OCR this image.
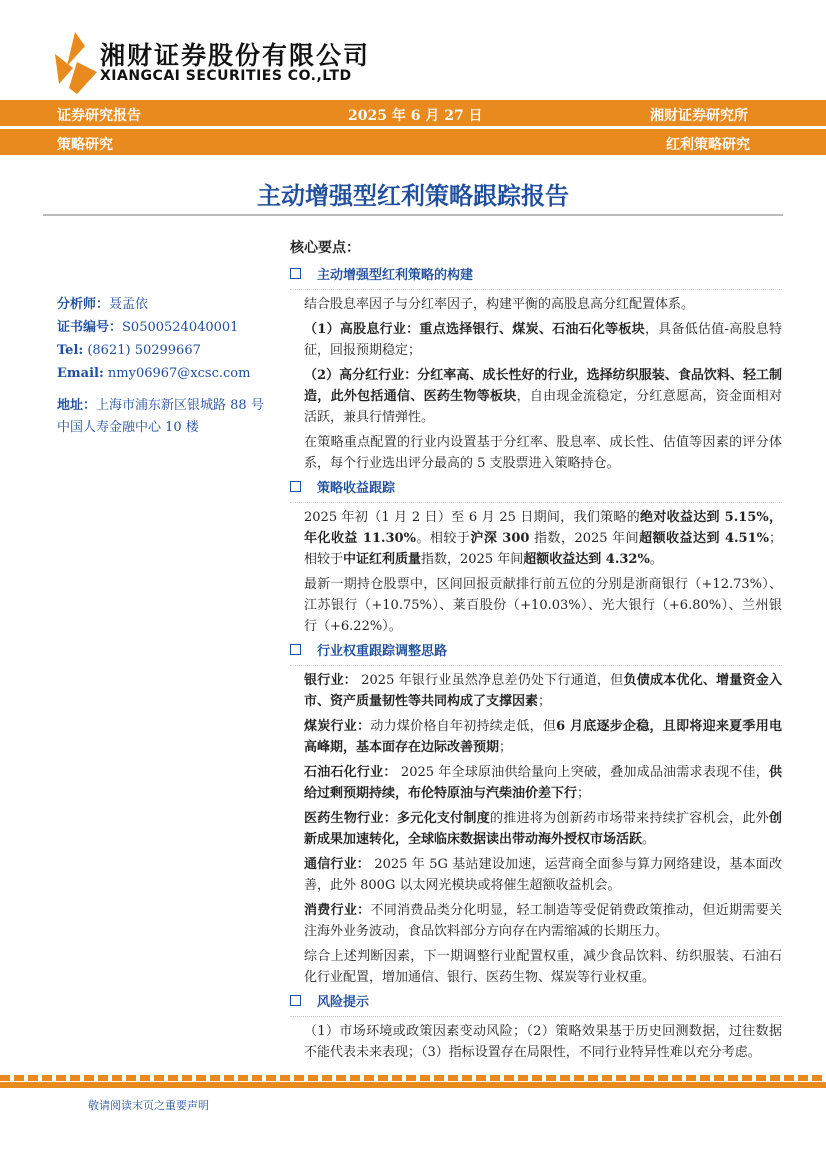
湘财证券股份有限公司
XIANGCAI SECURITIES CO.,LTD
证券研究报告	2025 年 6 月 27 日	湘财证券研究所
策略研究	红利策略研究
主动增强型红利策略跟踪报告
核心要点：
分析师：聂孟依
证书编号：S0500524040001
Tel: (8621) 50299667
Email: nmy06967@xcsc.com
地址：上海市浦东新区银城路 88 号
中国人寿金融中心 10 楼
主动增强型红利策略的构建

结合股息率因子与分红率因子，构建平衡的高股息高分红配置体系。

（1）高股息行业：重点选择银行、煤炭、石油石化等板块，具备低估值-高股息特征，回报预期稳定；

（2）高分红行业：分红率高、成长性好的行业，选择纺织服装、食品饮料、轻工制造，此外包括通信、医药生物等板块，自由现金流稳定，分红意愿高，资金面相对活跃，兼具行情弹性。

在策略重点配置的行业内设置基于分红率、股息率、成长性、估值等因素的评分体系，每个行业选出评分最高的 5 支股票进入策略持仓。

策略收益跟踪

2025 年初（1 月 2 日）至 6 月 25 日期间，我们策略的绝对收益达到 5.15%，年化收益 11.30%。相较于沪深 300 指数，2025 年间超额收益达到 4.51%；相较于中证红利质量指数，2025 年间超额收益达到 4.32%。

最新一期持仓股票中，区间回报贡献排行前五位的分别是浙商银行（+12.73%）、江苏银行（+10.75%）、莱百股份（+10.03%）、光大银行（+6.80%）、兰州银行（+6.22%）。

行业权重跟踪调整思路

银行业： 2025 年银行业虽然净息差仍处下行通道，但负债成本优化、增量资金入市、资产质量韧性等共同构成了支撑因素；

煤炭行业：动力煤价格自年初持续走低，但6 月底逐步企稳，且即将迎来夏季用电高峰期，基本面存在边际改善预期；

石油石化行业： 2025 年全球原油供给量向上突破，叠加成品油需求表现不佳，供给过剩预期持续，布伦特原油与汽柴油价差下行；

医药生物行业：多元化支付制度的推进将为创新药市场带来持续扩容机会，此外创新成果加速转化，全球临床数据读出带动海外授权市场活跃。

通信行业： 2025 年 5G 基站建设加速，运营商全面参与算力网络建设，基本面改善，此外 800G 以太网光模块或将催生超额收益机会。

消费行业：不同消费品类分化明显，轻工制造等受促销费政策推动，但近期需要关注海外业务波动，食品饮料部分方向存在内需缩减的长期压力。

综合上述判断因素，下一期调整行业配置权重，减少食品饮料、纺织服装、石油石化行业配置，增加通信、银行、医药生物、煤炭等行业权重。

风险提示

（1）市场环境或政策因素变动风险；（2）策略效果基于历史回测数据，过往数据不能代表未来表现；（3）指标设置存在局限性，不同行业特异性难以充分考虑。

敬请阅读末页之重要声明
